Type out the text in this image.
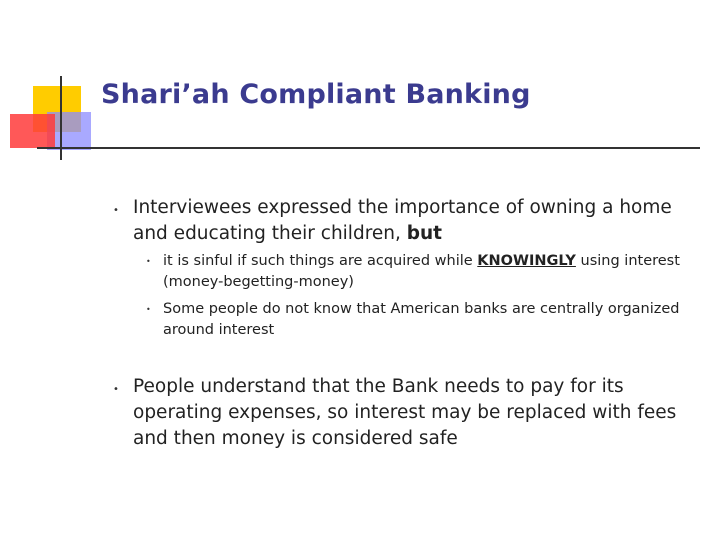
Shari’ah Compliant Banking
• Interviewees expressed the importance of owning a home and educating their children, but
• it is sinful if such things are acquired while KNOWINGLY using interest (money-begetting-money)
• Some people do not know that American banks are centrally organized around interest
• People understand that the Bank needs to pay for its operating expenses, so interest may be replaced with fees and then money is considered safe
